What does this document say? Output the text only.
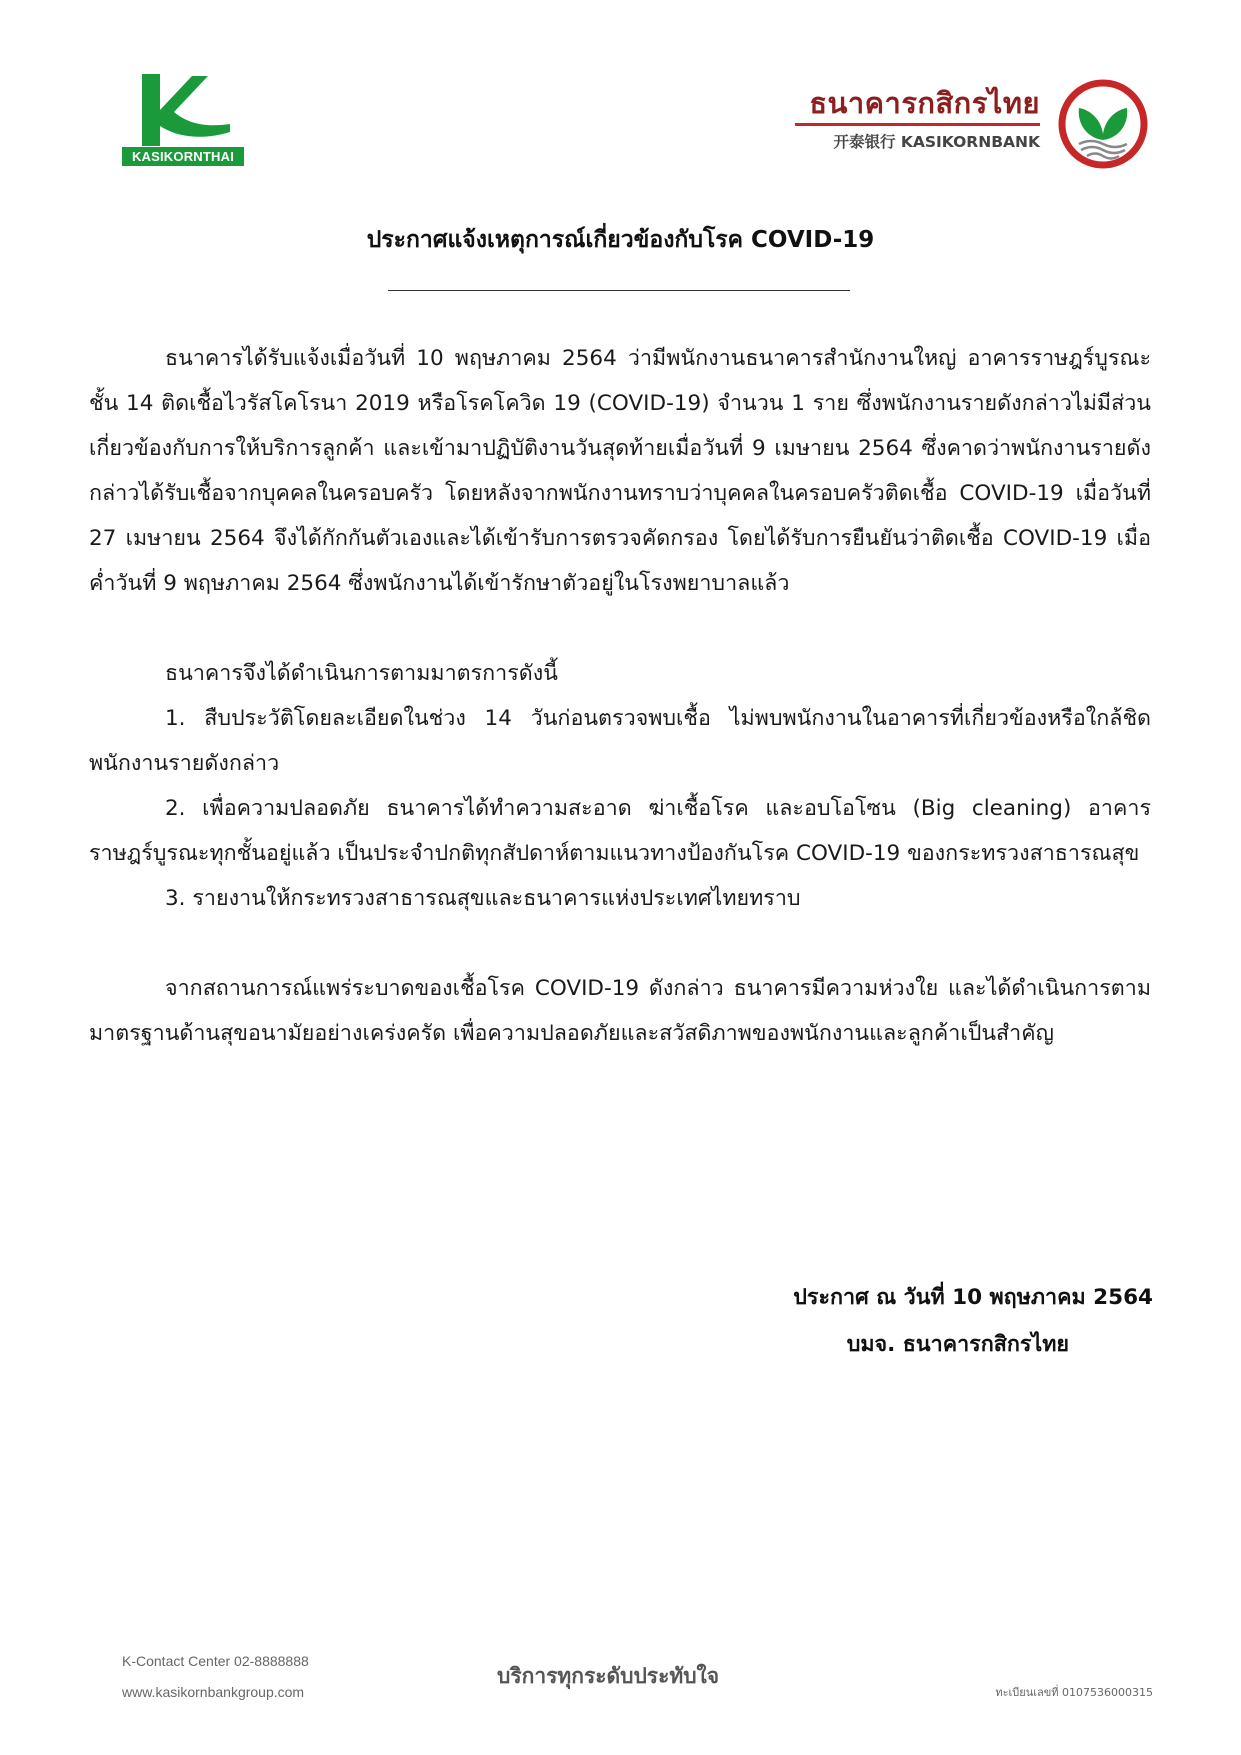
KASIKORNTHAI
ธนาคารกสิกรไทย
开泰银行 KASIKORNBANK
ประกาศแจ้งเหตุการณ์เกี่ยวข้องกับโรค COVID-19

ธนาคารได้รับแจ้งเมื่อวันที่ 10 พฤษภาคม 2564 ว่ามีพนักงานธนาคารสำนักงานใหญ่ อาคารราษฎร์บูรณะ ชั้น 14 ติดเชื้อไวรัสโคโรนา 2019 หรือโรคโควิด 19 (COVID-19) จำนวน 1 ราย ซึ่งพนักงานรายดังกล่าวไม่มีส่วนเกี่ยวข้องกับการให้บริการลูกค้า และเข้ามาปฏิบัติงานวันสุดท้ายเมื่อวันที่ 9 เมษายน 2564 ซึ่งคาดว่าพนักงานรายดังกล่าวได้รับเชื้อจากบุคคลในครอบครัว โดยหลังจากพนักงานทราบว่าบุคคลในครอบครัวติดเชื้อ COVID-19 เมื่อวันที่ 27 เมษายน 2564 จึงได้กักกันตัวเองและได้เข้ารับการตรวจคัดกรอง โดยได้รับการยืนยันว่าติดเชื้อ COVID-19 เมื่อค่ำวันที่ 9 พฤษภาคม 2564 ซึ่งพนักงานได้เข้ารักษาตัวอยู่ในโรงพยาบาลแล้ว

ธนาคารจึงได้ดำเนินการตามมาตรการดังนี้

1. สืบประวัติโดยละเอียดในช่วง 14 วันก่อนตรวจพบเชื้อ ไม่พบพนักงานในอาคารที่เกี่ยวข้องหรือใกล้ชิดพนักงานรายดังกล่าว

2. เพื่อความปลอดภัย ธนาคารได้ทำความสะอาด ฆ่าเชื้อโรค และอบโอโซน (Big cleaning) อาคารราษฎร์บูรณะทุกชั้นอยู่แล้ว เป็นประจำปกติทุกสัปดาห์ตามแนวทางป้องกันโรค COVID-19 ของกระทรวงสาธารณสุข

3. รายงานให้กระทรวงสาธารณสุขและธนาคารแห่งประเทศไทยทราบ

จากสถานการณ์แพร่ระบาดของเชื้อโรค COVID-19 ดังกล่าว ธนาคารมีความห่วงใย และได้ดำเนินการตามมาตรฐานด้านสุขอนามัยอย่างเคร่งครัด เพื่อความปลอดภัยและสวัสดิภาพของพนักงานและลูกค้าเป็นสำคัญ

ประกาศ ณ วันที่ 10 พฤษภาคม 2564
บมจ. ธนาคารกสิกรไทย
K-Contact Center 02-8888888
www.kasikornbankgroup.com
บริการทุกระดับประทับใจ
ทะเบียนเลขที่ 0107536000315
